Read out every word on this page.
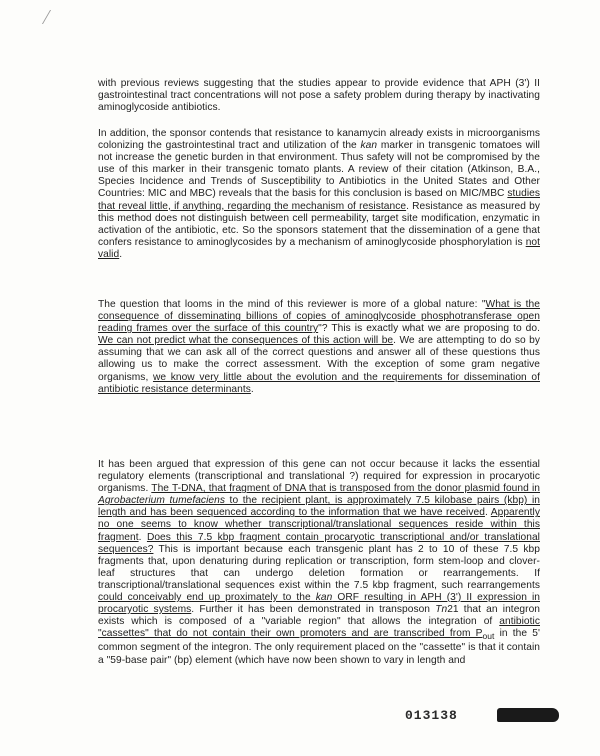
with previous reviews suggesting that the studies appear to provide evidence that APH (3') II gastrointestinal tract concentrations will not pose a safety problem during therapy by inactivating aminoglycoside antibiotics.

In addition, the sponsor contends that resistance to kanamycin already exists in microorganisms colonizing the gastrointestinal tract and utilization of the kan marker in transgenic tomatoes will not increase the genetic burden in that environment. Thus safety will not be compromised by the use of this marker in their transgenic tomato plants. A review of their citation (Atkinson, B.A., Species Incidence and Trends of Susceptibility to Antibiotics in the United States and Other Countries: MIC and MBC) reveals that the basis for this conclusion is based on MIC/MBC studies that reveal little, if anything, regarding the mechanism of resistance. Resistance as measured by this method does not distinguish between cell permeability, target site modification, enzymatic in activation of the antibiotic, etc. So the sponsors statement that the dissemination of a gene that confers resistance to aminoglycosides by a mechanism of aminoglycoside phosphorylation is not valid.

The question that looms in the mind of this reviewer is more of a global nature: "What is the consequence of disseminating billions of copies of aminoglycoside phosphotransferase open reading frames over the surface of this country"? This is exactly what we are proposing to do. We can not predict what the consequences of this action will be. We are attempting to do so by assuming that we can ask all of the correct questions and answer all of these questions thus allowing us to make the correct assessment. With the exception of some gram negative organisms, we know very little about the evolution and the requirements for dissemination of antibiotic resistance determinants.

It has been argued that expression of this gene can not occur because it lacks the essential regulatory elements (transcriptional and translational ?) required for expression in procaryotic organisms. The T-DNA, that fragment of DNA that is transposed from the donor plasmid found in Agrobacterium tumefaciens to the recipient plant, is approximately 7.5 kilobase pairs (kbp) in length and has been sequenced according to the information that we have received. Apparently no one seems to know whether transcriptional/translational sequences reside within this fragment. Does this 7.5 kbp fragment contain procaryotic transcriptional and/or translational sequences? This is important because each transgenic plant has 2 to 10 of these 7.5 kbp fragments that, upon denaturing during replication or transcription, form stem-loop and clover-leaf structures that can undergo deletion formation or rearrangements. If transcriptional/translational sequences exist within the 7.5 kbp fragment, such rearrangements could conceivably end up proximately to the kan ORF resulting in APH (3') II expression in procaryotic systems. Further it has been demonstrated in transposon Tn21 that an integron exists which is composed of a "variable region" that allows the integration of antibiotic "cassettes" that do not contain their own promoters and are transcribed from $P_{out}$ in the 5' common segment of the integron. The only requirement placed on the "cassette" is that it contain a "59-base pair" (bp) element (which have now been shown to vary in length and

013138
